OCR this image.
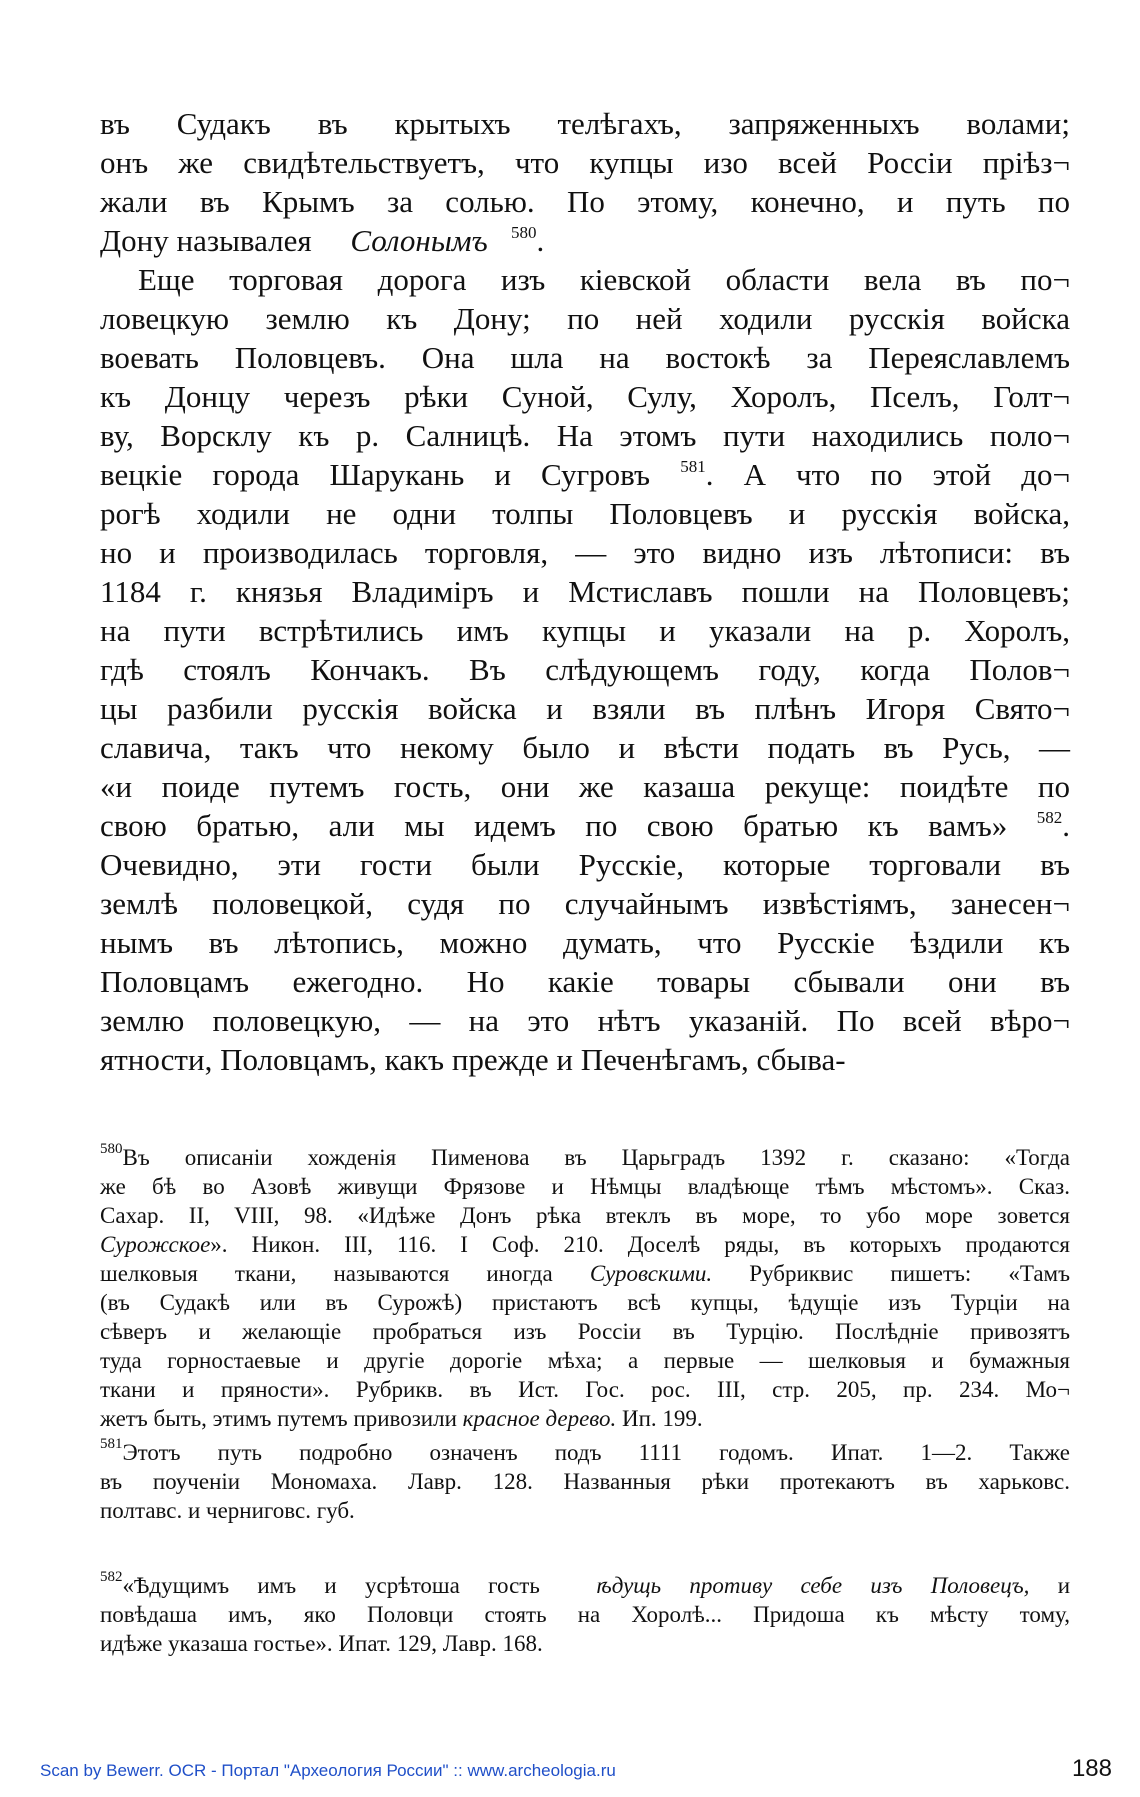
въ Судакъ въ крытыхъ телѣгахъ, запряженныхъ волами;
онъ же свидѣтельствуетъ, что купцы изо всей Россіи пріѣз¬
жали въ Крымъ за солью. По этому, конечно, и путь по
Дону называлея Солонымъ $^{580}$.
Еще торговая дорога изъ кіевской области вела въ по¬
ловецкую землю къ Дону; по ней ходили русскія войска
воевать Половцевъ. Она шла на востокѣ за Переяславлемъ
къ Донцу черезъ рѣки Суной, Сулу, Хоролъ, Пселъ, Голт¬
ву, Ворсклу къ р. Салницѣ. На этомъ пути находились поло¬
вецкіе города Шарукань и Сугровъ $^{581}$. А что по этой до¬
рогѣ ходили не одни толпы Половцевъ и русскія войска,
но и производилась торговля, — это видно изъ лѣтописи: въ
1184 г. князья Владиміръ и Мстиславъ пошли на Половцевъ;
на пути встрѣтились имъ купцы и указали на р. Хоролъ,
гдѣ стоялъ Кончакъ. Въ слѣдующемъ году, когда Полов¬
цы разбили русскія войска и взяли въ плѣнъ Игоря Свято¬
славича, такъ что некому было и вѣсти подать въ Русь, —
«и поиде путемъ гость, они же казаша рекуще: поидѣте по
свою братью, али мы идемъ по свою братью къ вамъ» $^{582}$.
Очевидно, эти гости были Русскіе, которые торговали въ
землѣ половецкой, судя по случайнымъ извѣстіямъ, занесен¬
нымъ въ лѣтопись, можно думать, что Русскіе ѣздили къ
Половцамъ ежегодно. Но какіе товары сбывали они въ
землю половецкую, — на это нѣтъ указаній. По всей вѣро¬
ятности, Половцамъ, какъ прежде и Печенѣгамъ, сбыва-
$^{580}$Въ описаніи хожденія Пименова въ Царьградъ 1392 г. сказано: «Тогда
же бѣ во Азовѣ живущи Фрязове и Нѣмцы владѣюще тѣмъ мѣстомъ». Сказ.
Сахар. II, VIII, 98. «Идѣже Донъ рѣка втеклъ въ море, то убо море зовется
Сурожское». Никон. III, 116. I Соф. 210. Доселѣ ряды, въ которыхъ продаются
шелковыя ткани, называются иногда Суровскими. Рубриквис пишетъ: «Тамъ
(въ Судакѣ или въ Сурожѣ) пристаютъ всѣ купцы, ѣдущіе изъ Турціи на
сѣверъ и желающіе пробраться изъ Россіи въ Турцію. Послѣдніе привозятъ
туда горностаевые и другіе дорогіе мѣха; а первые — шелковыя и бумажныя
ткани и пряности». Рубрикв. въ Ист. Гос. рос. III, стр. 205, пр. 234. Мо¬
жетъ быть, этимъ путемъ привозили красное дерево. Ип. 199.
$^{581}$Этотъ путь подробно означенъ подъ 1111 годомъ. Ипат. 1—2. Также
въ поученіи Мономаха. Лавр. 128. Названныя рѣки протекаютъ въ харьковс.
полтавс. и черниговс. губ.
$^{582}$«Ѣдущимъ имъ и усрѣтоша гость ѣдущь противу себе изъ Половецъ, и
повѣдаша имъ, яко Половци стоять на Хоролѣ... Придоша къ мѣсту тому,
идѣже указаша гостье». Ипат. 129, Лавр. 168.
Scan by Bewerr. OCR - Портал "Археология России" :: www.archeologia.ru	188
